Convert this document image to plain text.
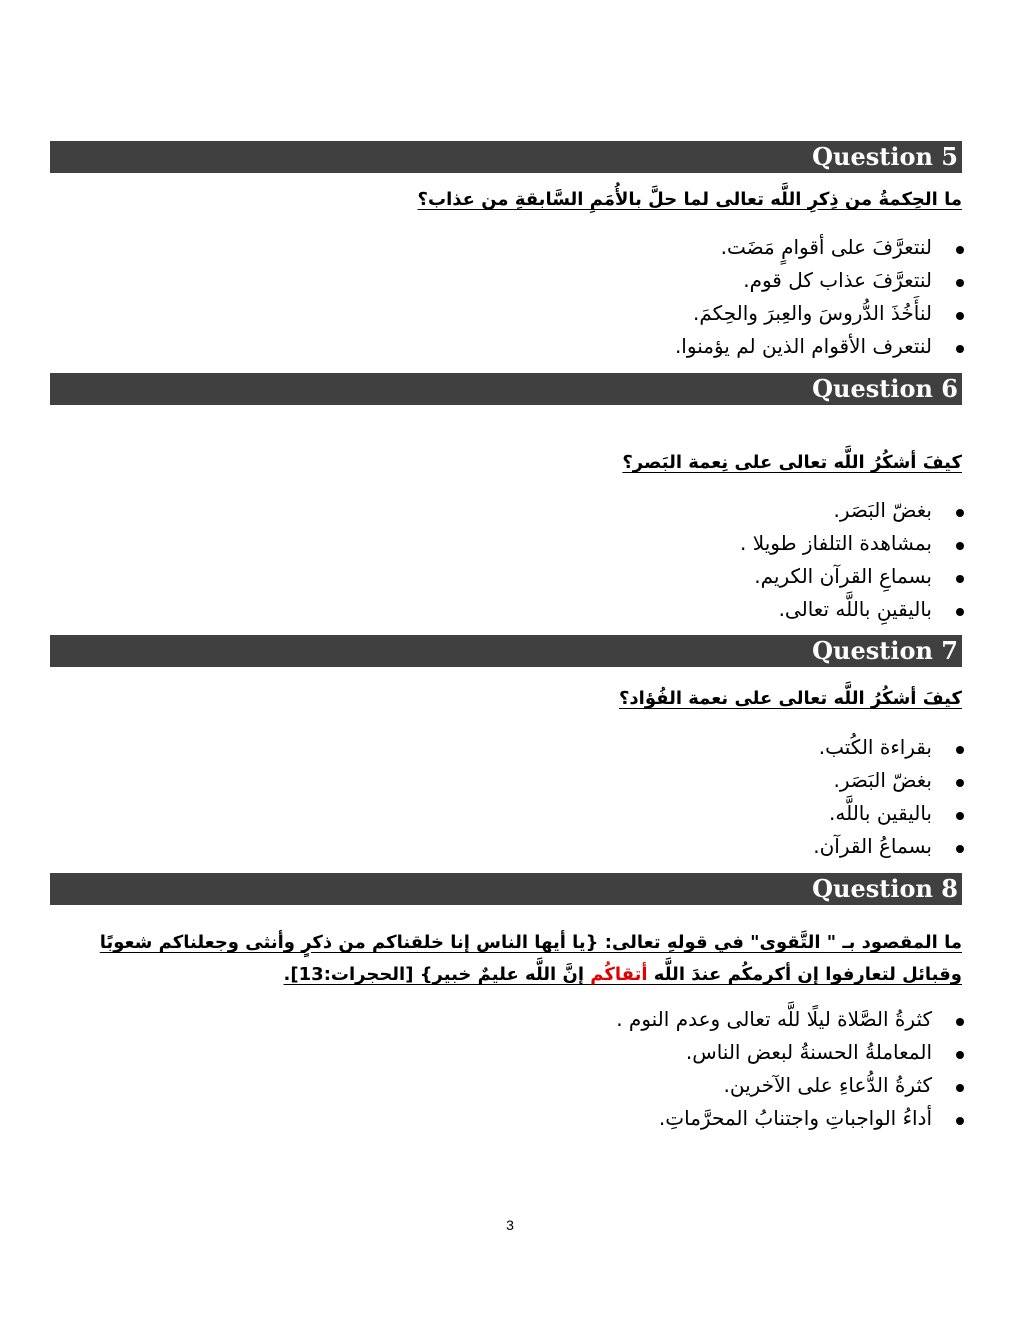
Question 5
ما الحِكمةُ من ذِكرِ اللَّه تعالى لما حلَّ بالأُمَمِ السَّابقةِ من عذاب؟
لنتعرَّفَ على أقوامٍ مَضَت.
لنتعرَّفَ عذاب كل قوم.
لنأَخُذَ الدُّروسَ والعِبرَ والحِكمَ.
لنتعرف الأقوام الذين لم يؤمنوا.
Question 6
كيفَ أشكُرُ اللَّه تعالى على نِعمة البَصر؟
بغضّ البَصَر.
بمشاهدة التلفاز طويلا .
بسماعِ القرآن الكريم.
باليقينِ باللَّه تعالى.
Question 7
كيفَ أشكُرُ اللَّه تعالى على نعمة الفُؤاد؟
بقراءة الكُتب.
بغضّ البَصَر.
باليقين باللَّه.
بسماعُ القرآن.
Question 8
ما المقصود بـ " التَّقوى" في قولهِ تعالى: {يا أيها الناس إنا خلقناكم من ذكرٍ وأنثى وجعلناكم شعوبًا وقبائل لتعارفوا إن أكرمكُم عندَ اللَّه أتقاكُم إنَّ اللَّه عليمٌ خبير} [الحجرات:13].
كثرةُ الصَّلاة ليلًا للَّه تعالى وعدم النوم .
المعاملةُ الحسنةُ لبعض الناس.
كثرةُ الدُّعاءِ على الآخرين.
أداءُ الواجباتِ واجتنابُ المحرَّماتِ.
3
